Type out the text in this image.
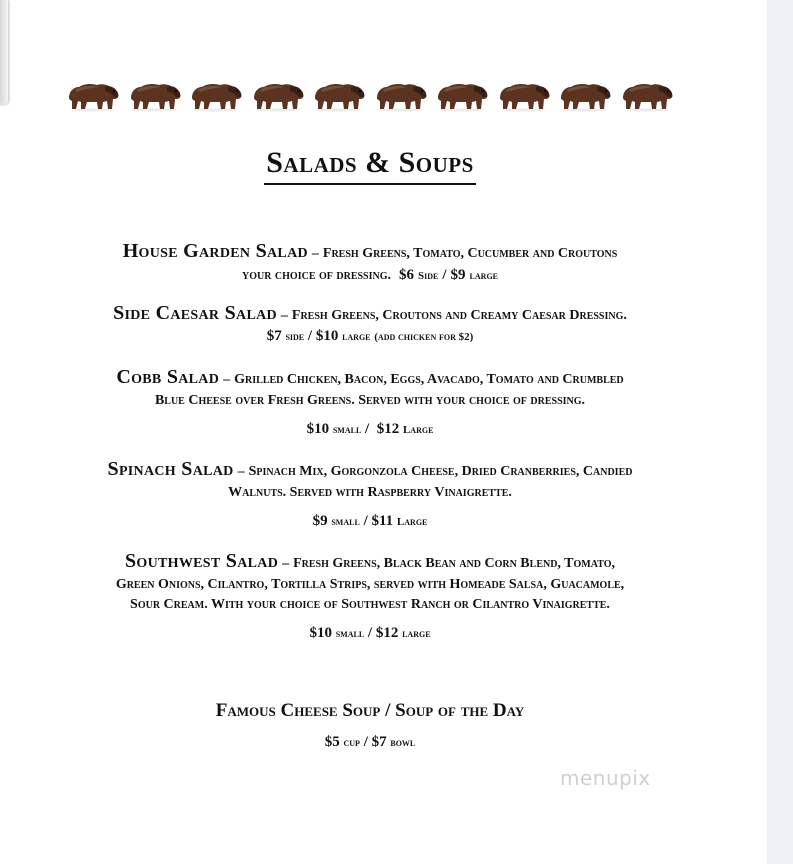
Salads & Soups
House Garden Salad – Fresh Greens, Tomato, Cucumber and Croutons
your choice of dressing. $6 Side / $9 large
Side Caesar Salad – Fresh Greens, Croutons and Creamy Caesar Dressing.
$7 side / $10 large (add chicken for $2)
Cobb Salad – Grilled Chicken, Bacon, Eggs, Avacado, Tomato and Crumbled
Blue Cheese over Fresh Greens. Served with your choice of dressing.
$10 small / $12 Large
Spinach Salad – Spinach Mix, Gorgonzola Cheese, Dried Cranberries, Candied
Walnuts. Served with Raspberry Vinaigrette.
$9 small / $11 Large
Southwest Salad – Fresh Greens, Black Bean and Corn Blend, Tomato,
Green Onions, Cilantro, Tortilla Strips, served with Homeade Salsa, Guacamole,
Sour Cream. With your choice of Southwest Ranch or Cilantro Vinaigrette.
$10 small / $12 large
Famous Cheese Soup / Soup of the Day
$5 cup / $7 bowl
menupix
